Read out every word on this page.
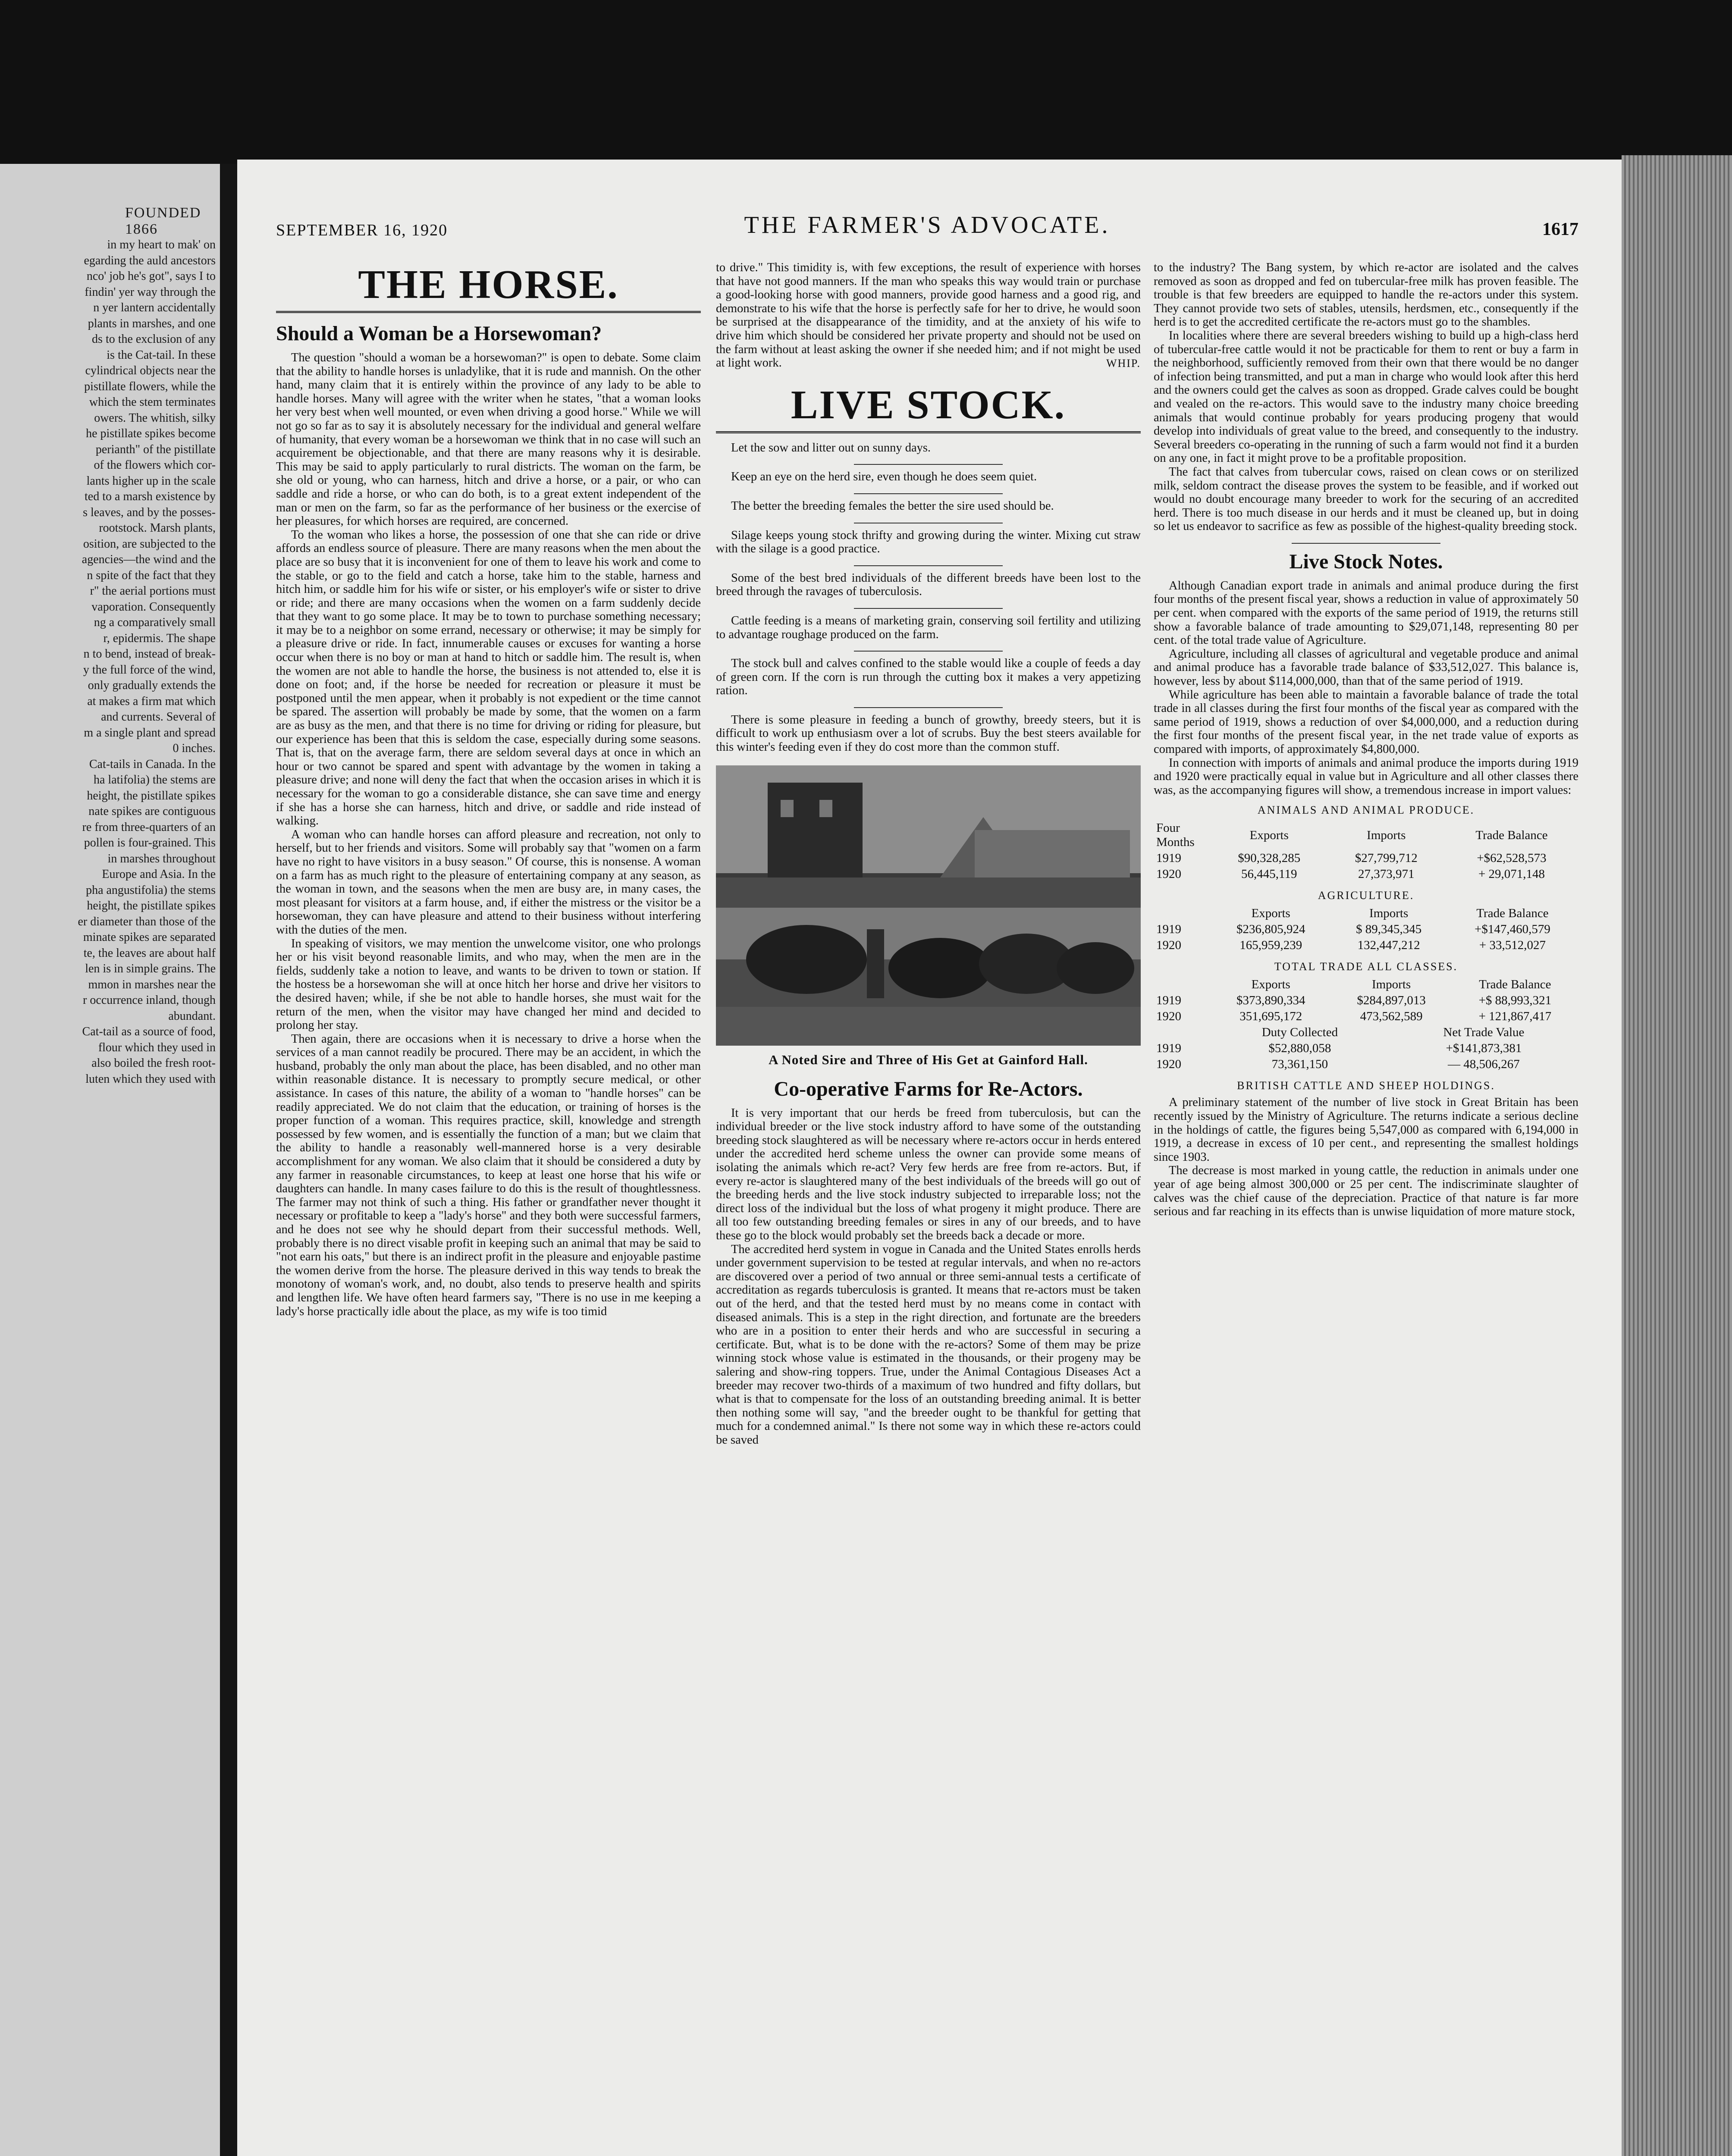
FOUNDED 1866
in my heart to mak' on
egarding the auld ancestors
nco' job he's got", says I to
findin' yer way through the
n yer lantern accidentally
plants in marshes, and one
ds to the exclusion of any
is the Cat-tail. In these
cylindrical objects near the
pistillate flowers, while the
which the stem terminates
owers. The whitish, silky
he pistillate spikes become
perianth" of the pistillate
of the flowers which cor-
lants higher up in the scale
ted to a marsh existence by
s leaves, and by the posses-
rootstock. Marsh plants,
osition, are subjected to the
agencies—the wind and the
n spite of the fact that they
r" the aerial portions must
vaporation. Consequently
ng a comparatively small
r, epidermis. The shape
n to bend, instead of break-
y the full force of the wind,
only gradually extends the
at makes a firm mat which
and currents. Several of
m a single plant and spread
0 inches.
Cat-tails in Canada. In the
ha latifolia) the stems are
height, the pistillate spikes
nate spikes are contiguous
re from three-quarters of an
pollen is four-grained. This
in marshes throughout
Europe and Asia. In the
pha angustifolia) the stems
height, the pistillate spikes
er diameter than those of the
minate spikes are separated
te, the leaves are about half
len is in simple grains. The
mmon in marshes near the
r occurrence inland, though
abundant.
Cat-tail as a source of food,
flour which they used in
also boiled the fresh root-
luten which they used with
SEPTEMBER 16, 1920	THE FARMER'S ADVOCATE.	1617
THE HORSE.
Should a Woman be a Horsewoman?

The question "should a woman be a horsewoman?" is open to debate. Some claim that the ability to handle horses is unladylike, that it is rude and mannish. On the other hand, many claim that it is entirely within the province of any lady to be able to handle horses. Many will agree with the writer when he states, "that a woman looks her very best when well mounted, or even when driving a good horse." While we will not go so far as to say it is absolutely necessary for the individual and general welfare of humanity, that every woman be a horsewoman we think that in no case will such an acquirement be objectionable, and that there are many reasons why it is desirable. This may be said to apply particularly to rural districts. The woman on the farm, be she old or young, who can harness, hitch and drive a horse, or a pair, or who can saddle and ride a horse, or who can do both, is to a great extent independent of the man or men on the farm, so far as the performance of her business or the exercise of her pleasures, for which horses are required, are concerned.

To the woman who likes a horse, the possession of one that she can ride or drive affords an endless source of pleasure. There are many reasons when the men about the place are so busy that it is inconvenient for one of them to leave his work and come to the stable, or go to the field and catch a horse, take him to the stable, harness and hitch him, or saddle him for his wife or sister, or his employer's wife or sister to drive or ride; and there are many occasions when the women on a farm suddenly decide that they want to go some place. It may be to town to purchase something necessary; it may be to a neighbor on some errand, necessary or otherwise; it may be simply for a pleasure drive or ride. In fact, innumerable causes or excuses for wanting a horse occur when there is no boy or man at hand to hitch or saddle him. The result is, when the women are not able to handle the horse, the business is not attended to, else it is done on foot; and, if the horse be needed for recreation or pleasure it must be postponed until the men appear, when it probably is not expedient or the time cannot be spared. The assertion will probably be made by some, that the women on a farm are as busy as the men, and that there is no time for driving or riding for pleasure, but our experience has been that this is seldom the case, especially during some seasons. That is, that on the average farm, there are seldom several days at once in which an hour or two cannot be spared and spent with advantage by the women in taking a pleasure drive; and none will deny the fact that when the occasion arises in which it is necessary for the woman to go a considerable distance, she can save time and energy if she has a horse she can harness, hitch and drive, or saddle and ride instead of walking.

A woman who can handle horses can afford pleasure and recreation, not only to herself, but to her friends and visitors. Some will probably say that "women on a farm have no right to have visitors in a busy season." Of course, this is nonsense. A woman on a farm has as much right to the pleasure of entertaining company at any season, as the woman in town, and the seasons when the men are busy are, in many cases, the most pleasant for visitors at a farm house, and, if either the mistress or the visitor be a horsewoman, they can have pleasure and attend to their business without interfering with the duties of the men.

In speaking of visitors, we may mention the unwelcome visitor, one who prolongs her or his visit beyond reasonable limits, and who may, when the men are in the fields, suddenly take a notion to leave, and wants to be driven to town or station. If the hostess be a horsewoman she will at once hitch her horse and drive her visitors to the desired haven; while, if she be not able to handle horses, she must wait for the return of the men, when the visitor may have changed her mind and decided to prolong her stay.

Then again, there are occasions when it is necessary to drive a horse when the services of a man cannot readily be procured. There may be an accident, in which the husband, probably the only man about the place, has been disabled, and no other man within reasonable distance. It is necessary to promptly secure medical, or other assistance. In cases of this nature, the ability of a woman to "handle horses" can be readily appreciated. We do not claim that the education, or training of horses is the proper function of a woman. This requires practice, skill, knowledge and strength possessed by few women, and is essentially the function of a man; but we claim that the ability to handle a reasonably well-mannered horse is a very desirable accomplishment for any woman. We also claim that it should be considered a duty by any farmer in reasonable circumstances, to keep at least one horse that his wife or daughters can handle. In many cases failure to do this is the result of thoughtlessness. The farmer may not think of such a thing. His father or grandfather never thought it necessary or profitable to keep a "lady's horse" and they both were successful farmers, and he does not see why he should depart from their successful methods. Well, probably there is no direct visable profit in keeping such an animal that may be said to "not earn his oats," but there is an indirect profit in the pleasure and enjoyable pastime the women derive from the horse. The pleasure derived in this way tends to break the monotony of woman's work, and, no doubt, also tends to preserve health and spirits and lengthen life. We have often heard farmers say, "There is no use in me keeping a lady's horse practically idle about the place, as my wife is too timid

to drive." This timidity is, with few exceptions, the result of experience with horses that have not good manners. If the man who speaks this way would train or purchase a good-looking horse with good manners, provide good harness and a good rig, and demonstrate to his wife that the horse is perfectly safe for her to drive, he would soon be surprised at the disappearance of the timidity, and at the anxiety of his wife to drive him which should be considered her private property and should not be used on the farm without at least asking the owner if she needed him; and if not might be used at light work.	WHIP.
LIVE STOCK.

Let the sow and litter out on sunny days.

Keep an eye on the herd sire, even though he does seem quiet.

The better the breeding females the better the sire used should be.

Silage keeps young stock thrifty and growing during the winter. Mixing cut straw with the silage is a good practice.

Some of the best bred individuals of the different breeds have been lost to the breed through the ravages of tuberculosis.

Cattle feeding is a means of marketing grain, conserving soil fertility and utilizing to advantage roughage produced on the farm.

The stock bull and calves confined to the stable would like a couple of feeds a day of green corn. If the corn is run through the cutting box it makes a very appetizing ration.

There is some pleasure in feeding a bunch of growthy, breedy steers, but it is difficult to work up enthusiasm over a lot of scrubs. Buy the best steers available for this winter's feeding even if they do cost more than the common stuff.

A Noted Sire and Three of His Get at Gainford Hall.
Co-operative Farms for Re-Actors.

It is very important that our herds be freed from tuberculosis, but can the individual breeder or the live stock industry afford to have some of the outstanding breeding stock slaughtered as will be necessary where re-actors occur in herds entered under the accredited herd scheme unless the owner can provide some means of isolating the animals which re-act? Very few herds are free from re-actors. But, if every re-actor is slaughtered many of the best individuals of the breeds will go out of the breeding herds and the live stock industry subjected to irreparable loss; not the direct loss of the individual but the loss of what progeny it might produce. There are all too few outstanding breeding females or sires in any of our breeds, and to have these go to the block would probably set the breeds back a decade or more.

The accredited herd system in vogue in Canada and the United States enrolls herds under government supervision to be tested at regular intervals, and when no re-actors are discovered over a period of two annual or three semi-annual tests a certificate of accreditation as regards tuberculosis is granted. It means that re-actors must be taken out of the herd, and that the tested herd must by no means come in contact with diseased animals. This is a step in the right direction, and fortunate are the breeders who are in a position to enter their herds and who are successful in securing a certificate. But, what is to be done with the re-actors? Some of them may be prize winning stock whose value is estimated in the thousands, or their progeny may be salering and show-ring toppers. True, under the Animal Contagious Diseases Act a breeder may recover two-thirds of a maximum of two hundred and fifty dollars, but what is that to compensate for the loss of an outstanding breeding animal. It is better then nothing some will say, "and the breeder ought to be thankful for getting that much for a condemned animal." Is there not some way in which these re-actors could be saved

to the industry? The Bang system, by which re-actor are isolated and the calves removed as soon as dropped and fed on tubercular-free milk has proven feasible. The trouble is that few breeders are equipped to handle the re-actors under this system. They cannot provide two sets of stables, utensils, herdsmen, etc., consequently if the herd is to get the accredited certificate the re-actors must go to the shambles.

In localities where there are several breeders wishing to build up a high-class herd of tubercular-free cattle would it not be practicable for them to rent or buy a farm in the neighborhood, sufficiently removed from their own that there would be no danger of infection being transmitted, and put a man in charge who would look after this herd and the owners could get the calves as soon as dropped. Grade calves could be bought and vealed on the re-actors. This would save to the industry many choice breeding animals that would continue probably for years producing progeny that would develop into individuals of great value to the breed, and consequently to the industry. Several breeders co-operating in the running of such a farm would not find it a burden on any one, in fact it might prove to be a profitable proposition.

The fact that calves from tubercular cows, raised on clean cows or on sterilized milk, seldom contract the disease proves the system to be feasible, and if worked out would no doubt encourage many breeder to work for the securing of an accredited herd. There is too much disease in our herds and it must be cleaned up, but in doing so let us endeavor to sacrifice as few as possible of the highest-quality breeding stock.

Live Stock Notes.

Although Canadian export trade in animals and animal produce during the first four months of the present fiscal year, shows a reduction in value of approximately 50 per cent. when compared with the exports of the same period of 1919, the returns still show a favorable balance of trade amounting to $29,071,148, representing 80 per cent. of the total trade value of Agriculture.

Agriculture, including all classes of agricultural and vegetable produce and animal and animal produce has a favorable trade balance of $33,512,027. This balance is, however, less by about $114,000,000, than that of the same period of 1919.

While agriculture has been able to maintain a favorable balance of trade the total trade in all classes during the first four months of the fiscal year as compared with the same period of 1919, shows a reduction of over $4,000,000, and a reduction during the first four months of the present fiscal year, in the net trade value of exports as compared with imports, of approximately $4,800,000.

In connection with imports of animals and animal produce the imports during 1919 and 1920 were practically equal in value but in Agriculture and all other classes there was, as the accompanying figures will show, a tremendous increase in import values:

ANIMALS AND ANIMAL PRODUCE.
Four Months	Exports	Imports	Trade Balance
1919	$90,328,285	$27,799,712	+$62,528,573
1920	56,445,119	27,373,971	+ 29,071,148
AGRICULTURE.
	Exports	Imports	Trade Balance
1919	$236,805,924	$ 89,345,345	+$147,460,579
1920	165,959,239	132,447,212	+ 33,512,027
TOTAL TRADE ALL CLASSES.
	Exports	Imports	Trade Balance
1919	$373,890,334	$284,897,013	+$ 88,993,321
1920	351,695,172	473,562,589	+ 121,867,417
	Duty Collected	Net Trade Value
1919	$52,880,058	+$141,873,381
1920	73,361,150	— 48,506,267
BRITISH CATTLE AND SHEEP HOLDINGS.

A preliminary statement of the number of live stock in Great Britain has been recently issued by the Ministry of Agriculture. The returns indicate a serious decline in the holdings of cattle, the figures being 5,547,000 as compared with 6,194,000 in 1919, a decrease in excess of 10 per cent., and representing the smallest holdings since 1903.

The decrease is most marked in young cattle, the reduction in animals under one year of age being almost 300,000 or 25 per cent. The indiscriminate slaughter of calves was the chief cause of the depreciation. Practice of that nature is far more serious and far reaching in its effects than is unwise liquidation of more mature stock,
